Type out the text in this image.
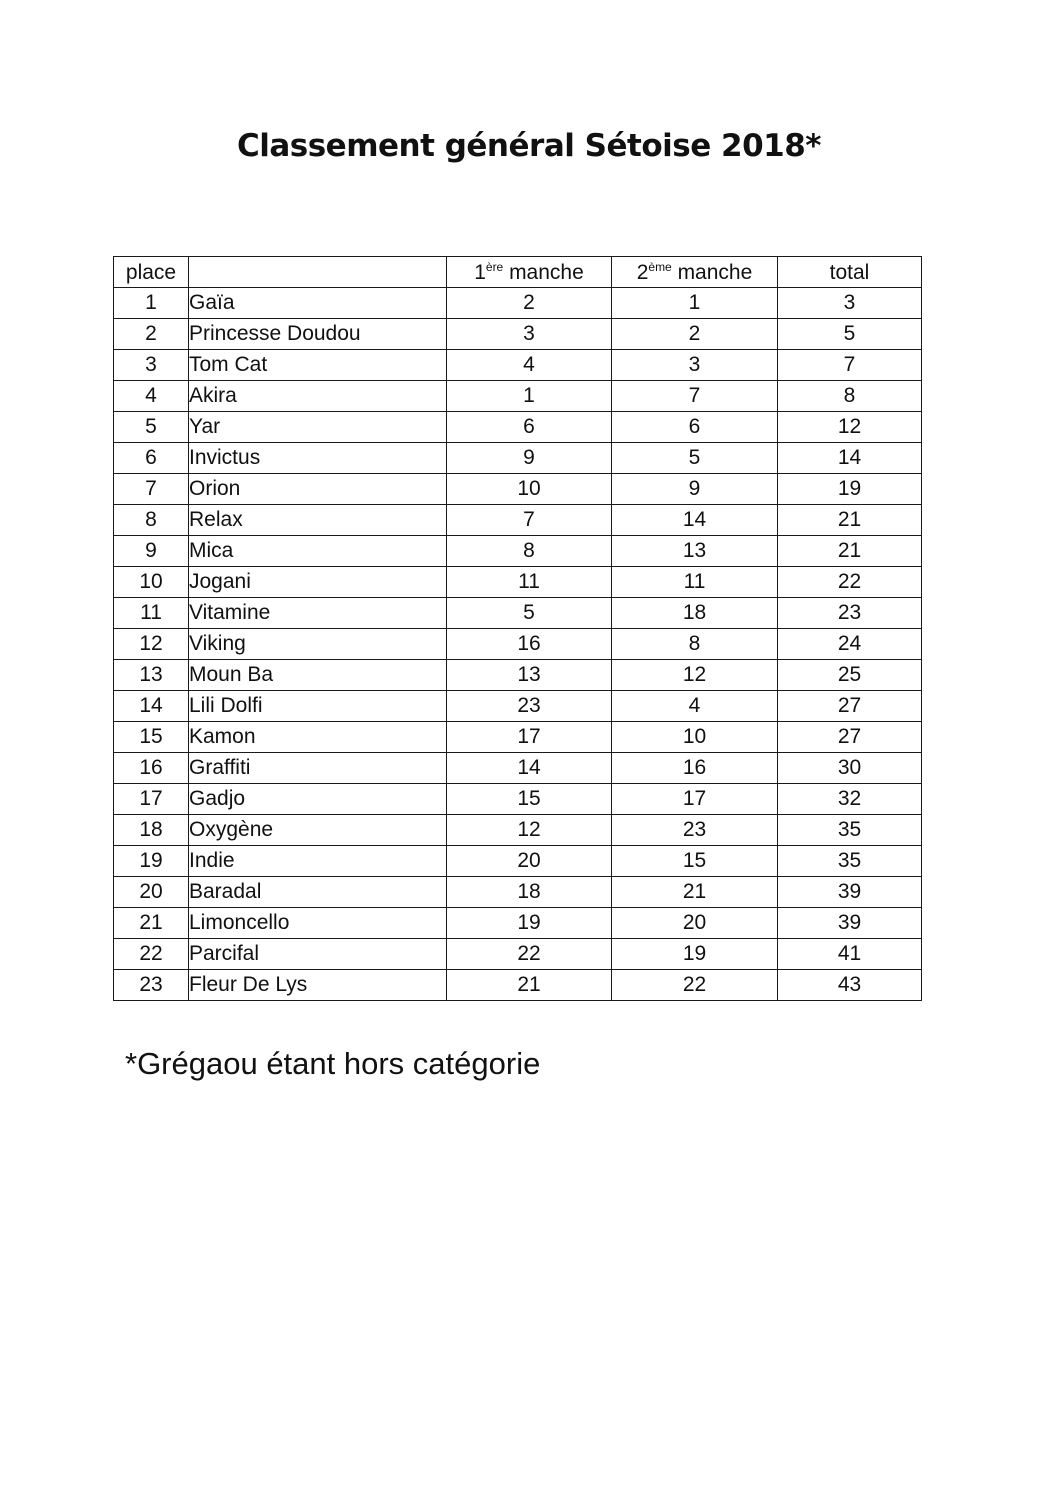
Classement général Sétoise 2018*
place		1ère manche	2ème manche	total
1	Gaïa	2	1	3
2	Princesse Doudou	3	2	5
3	Tom Cat	4	3	7
4	Akira	1	7	8
5	Yar	6	6	12
6	Invictus	9	5	14
7	Orion	10	9	19
8	Relax	7	14	21
9	Mica	8	13	21
10	Jogani	11	11	22
11	Vitamine	5	18	23
12	Viking	16	8	24
13	Moun Ba	13	12	25
14	Lili Dolfi	23	4	27
15	Kamon	17	10	27
16	Graffiti	14	16	30
17	Gadjo	15	17	32
18	Oxygène	12	23	35
19	Indie	20	15	35
20	Baradal	18	21	39
21	Limoncello	19	20	39
22	Parcifal	22	19	41
23	Fleur De Lys	21	22	43

*Grégaou étant hors catégorie
